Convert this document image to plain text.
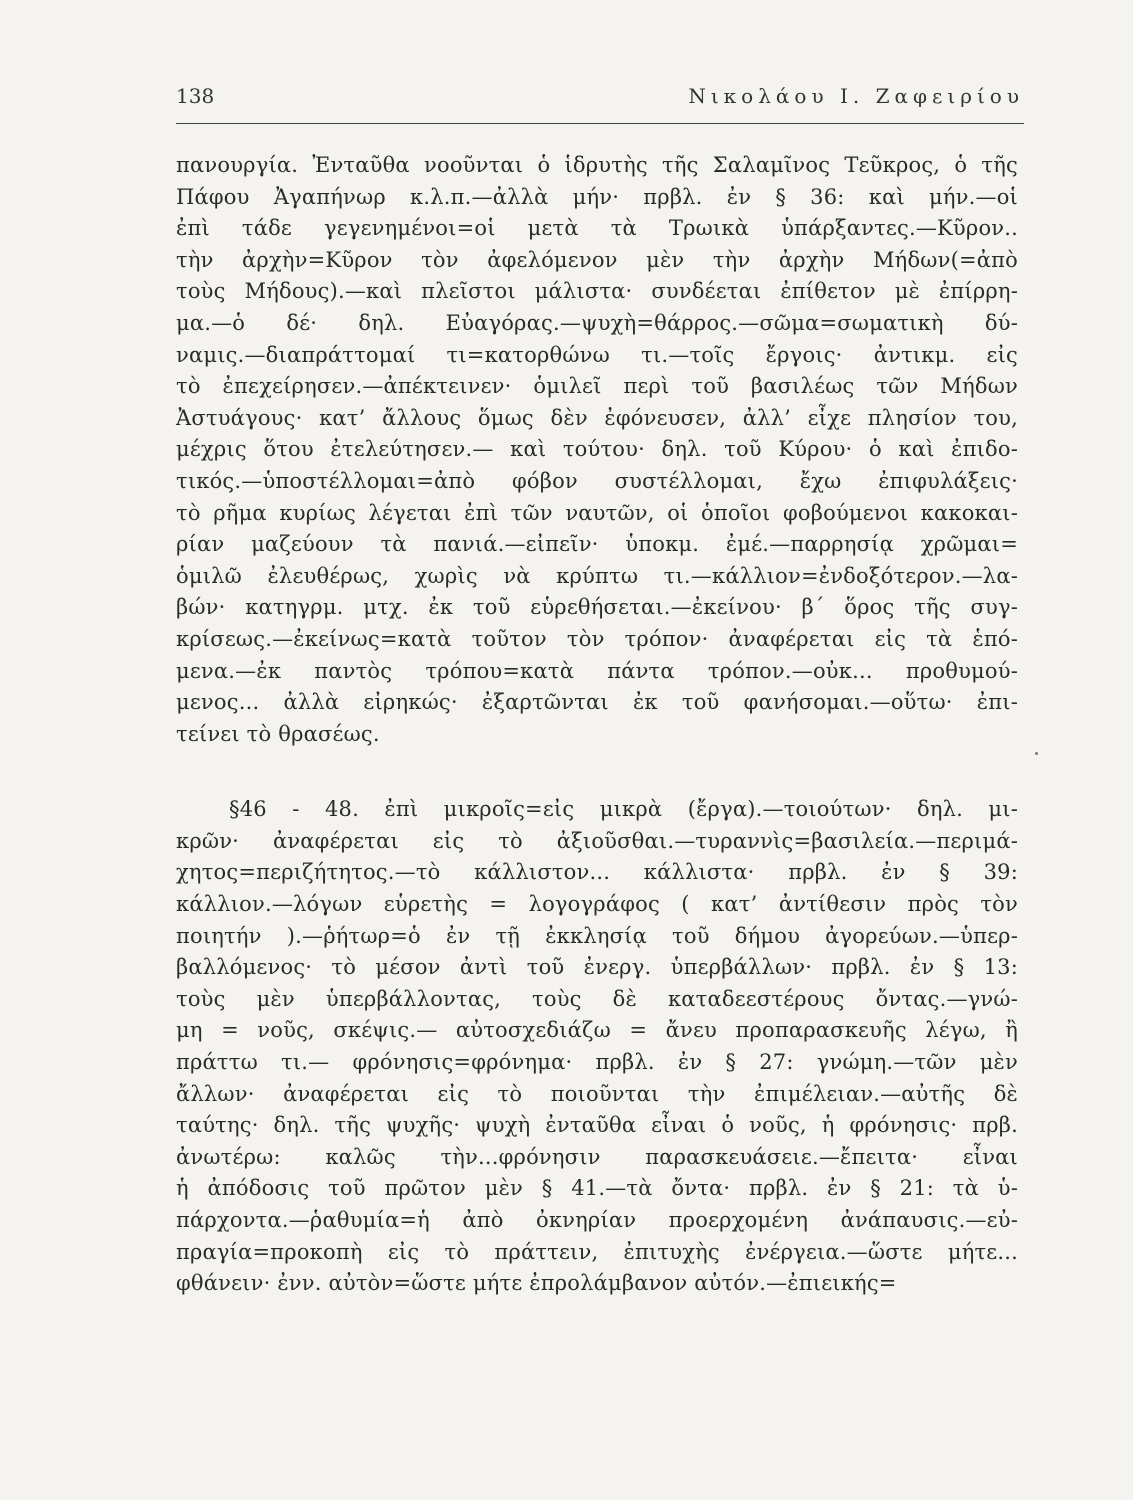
138	Νικολάου Ι. Ζαφειρίου
πανουργία. Ἐνταῦθα νοοῦνται ὁ ἱδρυτὴς τῆς Σαλαμῖνος Τεῦκρος, ὁ τῆς
Πάφου Ἀγαπήνωρ κ.λ.π.—ἀλλὰ μήν· πρβλ. ἐν § 36: καὶ μήν.—οἱ
ἐπὶ τάδε γεγενημένοι=οἱ μετὰ τὰ Τρωικὰ ὑπάρξαντες.—Κῦρον..
τὴν ἀρχὴν=Κῦρον τὸν ἀφελόμενον μὲν τὴν ἀρχὴν Μήδων(=ἀπὸ
τοὺς Μήδους).—καὶ πλεῖστοι μάλιστα· συνδέεται ἐπίθετον μὲ ἐπίρρη-
μα.—ὁ δέ· δηλ. Εὐαγόρας.—ψυχὴ=θάρρος.—σῶμα=σωματικὴ δύ-
ναμις.—διαπράττομαί τι=κατορθώνω τι.—τοῖς ἔργοις· ἀντικμ. εἰς
τὸ ἐπεχείρησεν.—ἀπέκτεινεν· ὁμιλεῖ περὶ τοῦ βασιλέως τῶν Μήδων
Ἀστυάγους· κατ’ ἄλλους ὅμως δὲν ἐφόνευσεν, ἀλλ’ εἶχε πλησίον του,
μέχρις ὅτου ἐτελεύτησεν.— καὶ τούτου· δηλ. τοῦ Κύρου· ὁ καὶ ἐπιδο-
τικός.—ὑποστέλλομαι=ἀπὸ φόβον συστέλλομαι, ἔχω ἐπιφυλάξεις·
τὸ ρῆμα κυρίως λέγεται ἐπὶ τῶν ναυτῶν, οἱ ὁποῖοι φοβούμενοι κακοκαι-
ρίαν μαζεύουν τὰ πανιά.—εἰπεῖν· ὑποκμ. ἐμέ.—παρρησίᾳ χρῶμαι=
ὁμιλῶ ἐλευθέρως, χωρὶς νὰ κρύπτω τι.—κάλλιον=ἐνδοξότερον.—λα-
βών· κατηγρμ. μτχ. ἐκ τοῦ εὑρεθήσεται.—ἐκείνου· β΄ ὅρος τῆς συγ-
κρίσεως.—ἐκείνως=κατὰ τοῦτον τὸν τρόπον· ἀναφέρεται εἰς τὰ ἑπό-
μενα.—ἐκ παντὸς τρόπου=κατὰ πάντα τρόπον.—οὐκ... προθυμού-
μενος... ἀλλὰ εἰρηκώς· ἐξαρτῶνται ἐκ τοῦ φανήσομαι.—οὕτω· ἐπι-
τείνει τὸ θρασέως.
§46 - 48. ἐπὶ μικροῖς=εἰς μικρὰ (ἔργα).—τοιούτων· δηλ. μι-
κρῶν· ἀναφέρεται εἰς τὸ ἀξιοῦσθαι.—τυραννὶς=βασιλεία.—περιμά-
χητος=περιζήτητος.—τὸ κάλλιστον... κάλλιστα· πρβλ. ἐν § 39:
κάλλιον.—λόγων εὑρετὴς = λογογράφος ( κατ’ ἀντίθεσιν πρὸς τὸν
ποιητήν ).—ῥήτωρ=ὁ ἐν τῇ ἐκκλησίᾳ τοῦ δήμου ἀγορεύων.—ὑπερ-
βαλλόμενος· τὸ μέσον ἀντὶ τοῦ ἐνεργ. ὑπερβάλλων· πρβλ. ἐν § 13:
τοὺς μὲν ὑπερβάλλοντας, τοὺς δὲ καταδεεστέρους ὄντας.—γνώ-
μη = νοῦς, σκέψις.— αὐτοσχεδιάζω = ἄνευ προπαρασκευῆς λέγω, ἢ
πράττω τι.— φρόνησις=φρόνημα· πρβλ. ἐν § 27: γνώμη.—τῶν μὲν
ἄλλων· ἀναφέρεται εἰς τὸ ποιοῦνται τὴν ἐπιμέλειαν.—αὐτῆς δὲ
ταύτης· δηλ. τῆς ψυχῆς· ψυχὴ ἐνταῦθα εἶναι ὁ νοῦς, ἡ φρόνησις· πρβ.
ἀνωτέρω: καλῶς τὴν...φρόνησιν παρασκευάσειε.—ἔπειτα· εἶναι
ἡ ἀπόδοσις τοῦ πρῶτον μὲν § 41.—τὰ ὄντα· πρβλ. ἐν § 21: τὰ ὑ-
πάρχοντα.—ῥαθυμία=ἡ ἀπὸ ὀκνηρίαν προερχομένη ἀνάπαυσις.—εὐ-
πραγία=προκοπὴ εἰς τὸ πράττειν, ἐπιτυχὴς ἐνέργεια.—ὥστε μήτε...
φθάνειν· ἐνν. αὐτὸν=ὥστε μήτε ἐπρολάμβανον αὐτόν.—ἐπιεικής=
